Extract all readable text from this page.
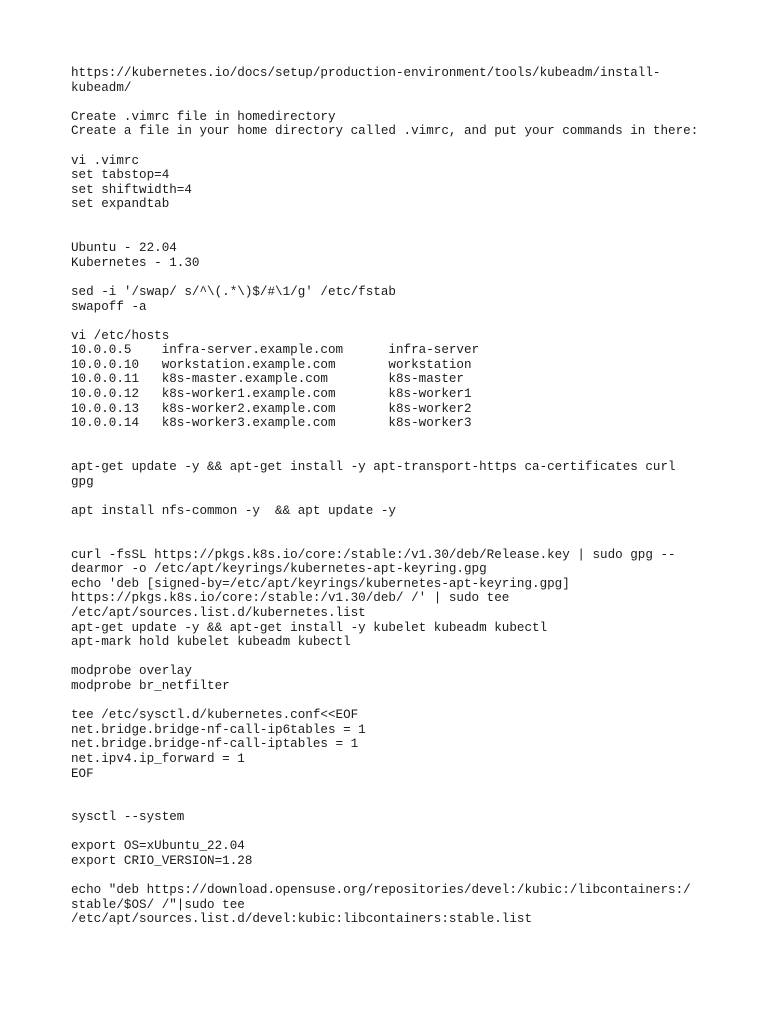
https://kubernetes.io/docs/setup/production-environment/tools/kubeadm/install-
kubeadm/
Create .vimrc file in homedirectory
Create a file in your home directory called .vimrc, and put your commands in there:
vi .vimrc
set tabstop=4
set shiftwidth=4
set expandtab
Ubuntu - 22.04
Kubernetes - 1.30
sed -i '/swap/ s/^\(.*\)$/#\1/g' /etc/fstab
swapoff -a
vi /etc/hosts
10.0.0.5    infra-server.example.com      infra-server
10.0.0.10   workstation.example.com       workstation
10.0.0.11   k8s-master.example.com        k8s-master
10.0.0.12   k8s-worker1.example.com       k8s-worker1
10.0.0.13   k8s-worker2.example.com       k8s-worker2
10.0.0.14   k8s-worker3.example.com       k8s-worker3
apt-get update -y && apt-get install -y apt-transport-https ca-certificates curl
gpg
apt install nfs-common -y  && apt update -y
curl -fsSL https://pkgs.k8s.io/core:/stable:/v1.30/deb/Release.key | sudo gpg --
dearmor -o /etc/apt/keyrings/kubernetes-apt-keyring.gpg
echo 'deb [signed-by=/etc/apt/keyrings/kubernetes-apt-keyring.gpg]
https://pkgs.k8s.io/core:/stable:/v1.30/deb/ /' | sudo tee
/etc/apt/sources.list.d/kubernetes.list
apt-get update -y && apt-get install -y kubelet kubeadm kubectl
apt-mark hold kubelet kubeadm kubectl
modprobe overlay
modprobe br_netfilter
tee /etc/sysctl.d/kubernetes.conf<<EOF
net.bridge.bridge-nf-call-ip6tables = 1
net.bridge.bridge-nf-call-iptables = 1
net.ipv4.ip_forward = 1
EOF
sysctl --system
export OS=xUbuntu_22.04
export CRIO_VERSION=1.28
echo "deb https://download.opensuse.org/repositories/devel:/kubic:/libcontainers:/
stable/$OS/ /"|sudo tee
/etc/apt/sources.list.d/devel:kubic:libcontainers:stable.list
